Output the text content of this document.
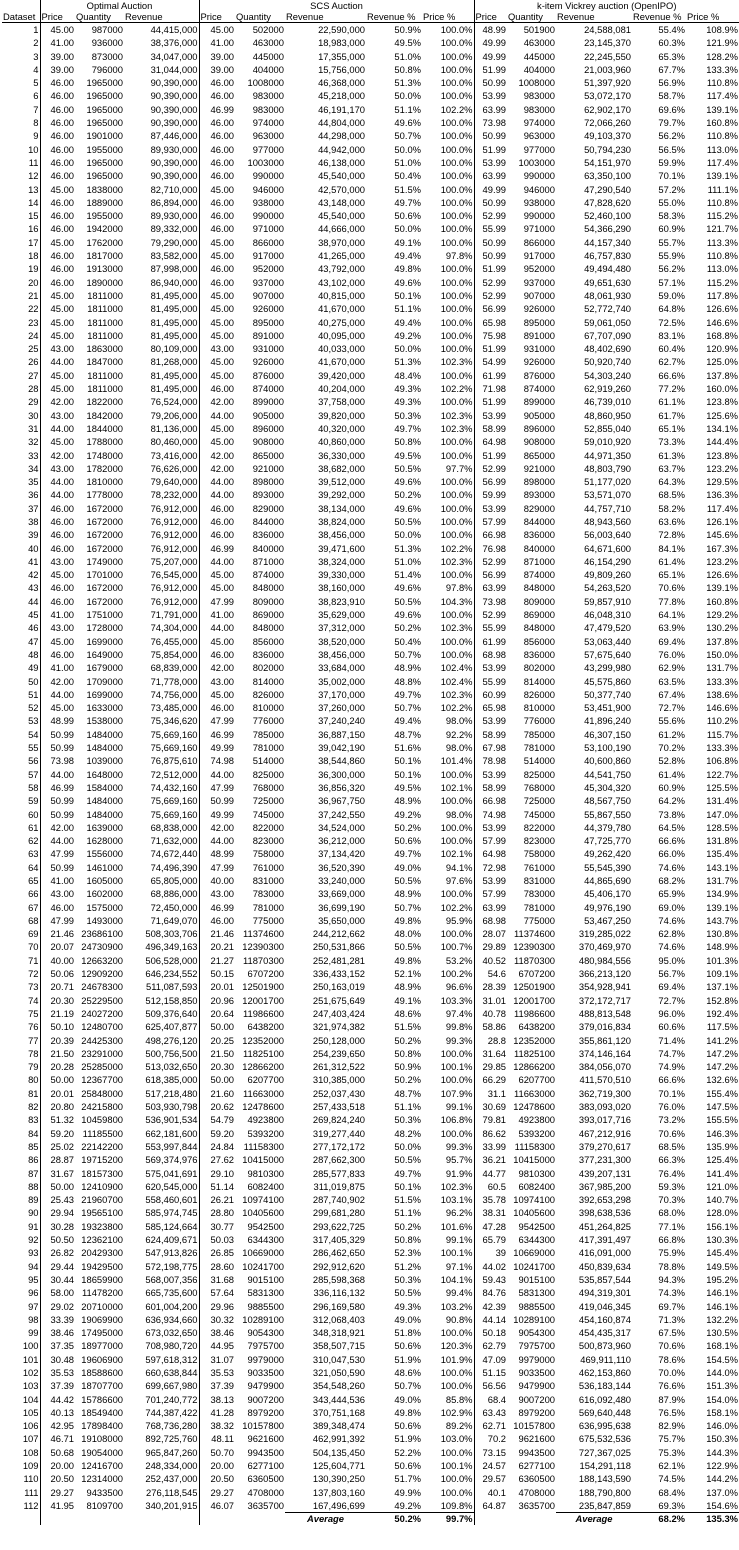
	Optimal Auction			SCS Auction					k-item Vickrey auction (OpenIPO)				
Dataset	Price	Quantity	Revenue	Price	Quantity	Revenue	Revenue %	Price %	Price	Quantity	Revenue	Revenue %	Price %
1	45.00	987000	44,415,000	45.00	502000	22,590,000	50.9%	100.0%	48.99	501900	24,588,081	55.4%	108.9%
2	41.00	936000	38,376,000	41.00	463000	18,983,000	49.5%	100.0%	49.99	463000	23,145,370	60.3%	121.9%
3	39.00	873000	34,047,000	39.00	445000	17,355,000	51.0%	100.0%	49.99	445000	22,245,550	65.3%	128.2%
4	39.00	796000	31,044,000	39.00	404000	15,756,000	50.8%	100.0%	51.99	404000	21,003,960	67.7%	133.3%
5	46.00	1965000	90,390,000	46.00	1008000	46,368,000	51.3%	100.0%	50.99	1008000	51,397,920	56.9%	110.8%
6	46.00	1965000	90,390,000	46.00	983000	45,218,000	50.0%	100.0%	53.99	983000	53,072,170	58.7%	117.4%
7	46.00	1965000	90,390,000	46.99	983000	46,191,170	51.1%	102.2%	63.99	983000	62,902,170	69.6%	139.1%
8	46.00	1965000	90,390,000	46.00	974000	44,804,000	49.6%	100.0%	73.98	974000	72,066,260	79.7%	160.8%
9	46.00	1901000	87,446,000	46.00	963000	44,298,000	50.7%	100.0%	50.99	963000	49,103,370	56.2%	110.8%
10	46.00	1955000	89,930,000	46.00	977000	44,942,000	50.0%	100.0%	51.99	977000	50,794,230	56.5%	113.0%
11	46.00	1965000	90,390,000	46.00	1003000	46,138,000	51.0%	100.0%	53.99	1003000	54,151,970	59.9%	117.4%
12	46.00	1965000	90,390,000	46.00	990000	45,540,000	50.4%	100.0%	63.99	990000	63,350,100	70.1%	139.1%
13	45.00	1838000	82,710,000	45.00	946000	42,570,000	51.5%	100.0%	49.99	946000	47,290,540	57.2%	111.1%
14	46.00	1889000	86,894,000	46.00	938000	43,148,000	49.7%	100.0%	50.99	938000	47,828,620	55.0%	110.8%
15	46.00	1955000	89,930,000	46.00	990000	45,540,000	50.6%	100.0%	52.99	990000	52,460,100	58.3%	115.2%
16	46.00	1942000	89,332,000	46.00	971000	44,666,000	50.0%	100.0%	55.99	971000	54,366,290	60.9%	121.7%
17	45.00	1762000	79,290,000	45.00	866000	38,970,000	49.1%	100.0%	50.99	866000	44,157,340	55.7%	113.3%
18	46.00	1817000	83,582,000	45.00	917000	41,265,000	49.4%	97.8%	50.99	917000	46,757,830	55.9%	110.8%
19	46.00	1913000	87,998,000	46.00	952000	43,792,000	49.8%	100.0%	51.99	952000	49,494,480	56.2%	113.0%
20	46.00	1890000	86,940,000	46.00	937000	43,102,000	49.6%	100.0%	52.99	937000	49,651,630	57.1%	115.2%
21	45.00	1811000	81,495,000	45.00	907000	40,815,000	50.1%	100.0%	52.99	907000	48,061,930	59.0%	117.8%
22	45.00	1811000	81,495,000	45.00	926000	41,670,000	51.1%	100.0%	56.99	926000	52,772,740	64.8%	126.6%
23	45.00	1811000	81,495,000	45.00	895000	40,275,000	49.4%	100.0%	65.98	895000	59,061,050	72.5%	146.6%
24	45.00	1811000	81,495,000	45.00	891000	40,095,000	49.2%	100.0%	75.98	891000	67,707,090	83.1%	168.8%
25	43.00	1863000	80,109,000	43.00	931000	40,033,000	50.0%	100.0%	51.99	931000	48,402,690	60.4%	120.9%
26	44.00	1847000	81,268,000	45.00	926000	41,670,000	51.3%	102.3%	54.99	926000	50,920,740	62.7%	125.0%
27	45.00	1811000	81,495,000	45.00	876000	39,420,000	48.4%	100.0%	61.99	876000	54,303,240	66.6%	137.8%
28	45.00	1811000	81,495,000	46.00	874000	40,204,000	49.3%	102.2%	71.98	874000	62,919,260	77.2%	160.0%
29	42.00	1822000	76,524,000	42.00	899000	37,758,000	49.3%	100.0%	51.99	899000	46,739,010	61.1%	123.8%
30	43.00	1842000	79,206,000	44.00	905000	39,820,000	50.3%	102.3%	53.99	905000	48,860,950	61.7%	125.6%
31	44.00	1844000	81,136,000	45.00	896000	40,320,000	49.7%	102.3%	58.99	896000	52,855,040	65.1%	134.1%
32	45.00	1788000	80,460,000	45.00	908000	40,860,000	50.8%	100.0%	64.98	908000	59,010,920	73.3%	144.4%
33	42.00	1748000	73,416,000	42.00	865000	36,330,000	49.5%	100.0%	51.99	865000	44,971,350	61.3%	123.8%
34	43.00	1782000	76,626,000	42.00	921000	38,682,000	50.5%	97.7%	52.99	921000	48,803,790	63.7%	123.2%
35	44.00	1810000	79,640,000	44.00	898000	39,512,000	49.6%	100.0%	56.99	898000	51,177,020	64.3%	129.5%
36	44.00	1778000	78,232,000	44.00	893000	39,292,000	50.2%	100.0%	59.99	893000	53,571,070	68.5%	136.3%
37	46.00	1672000	76,912,000	46.00	829000	38,134,000	49.6%	100.0%	53.99	829000	44,757,710	58.2%	117.4%
38	46.00	1672000	76,912,000	46.00	844000	38,824,000	50.5%	100.0%	57.99	844000	48,943,560	63.6%	126.1%
39	46.00	1672000	76,912,000	46.00	836000	38,456,000	50.0%	100.0%	66.98	836000	56,003,640	72.8%	145.6%
40	46.00	1672000	76,912,000	46.99	840000	39,471,600	51.3%	102.2%	76.98	840000	64,671,600	84.1%	167.3%
41	43.00	1749000	75,207,000	44.00	871000	38,324,000	51.0%	102.3%	52.99	871000	46,154,290	61.4%	123.2%
42	45.00	1701000	76,545,000	45.00	874000	39,330,000	51.4%	100.0%	56.99	874000	49,809,260	65.1%	126.6%
43	46.00	1672000	76,912,000	45.00	848000	38,160,000	49.6%	97.8%	63.99	848000	54,263,520	70.6%	139.1%
44	46.00	1672000	76,912,000	47.99	809000	38,823,910	50.5%	104.3%	73.98	809000	59,857,910	77.8%	160.8%
45	41.00	1751000	71,791,000	41.00	869000	35,629,000	49.6%	100.0%	52.99	869000	46,048,310	64.1%	129.2%
46	43.00	1728000	74,304,000	44.00	848000	37,312,000	50.2%	102.3%	55.99	848000	47,479,520	63.9%	130.2%
47	45.00	1699000	76,455,000	45.00	856000	38,520,000	50.4%	100.0%	61.99	856000	53,063,440	69.4%	137.8%
48	46.00	1649000	75,854,000	46.00	836000	38,456,000	50.7%	100.0%	68.98	836000	57,675,640	76.0%	150.0%
49	41.00	1679000	68,839,000	42.00	802000	33,684,000	48.9%	102.4%	53.99	802000	43,299,980	62.9%	131.7%
50	42.00	1709000	71,778,000	43.00	814000	35,002,000	48.8%	102.4%	55.99	814000	45,575,860	63.5%	133.3%
51	44.00	1699000	74,756,000	45.00	826000	37,170,000	49.7%	102.3%	60.99	826000	50,377,740	67.4%	138.6%
52	45.00	1633000	73,485,000	46.00	810000	37,260,000	50.7%	102.2%	65.98	810000	53,451,900	72.7%	146.6%
53	48.99	1538000	75,346,620	47.99	776000	37,240,240	49.4%	98.0%	53.99	776000	41,896,240	55.6%	110.2%
54	50.99	1484000	75,669,160	46.99	785000	36,887,150	48.7%	92.2%	58.99	785000	46,307,150	61.2%	115.7%
55	50.99	1484000	75,669,160	49.99	781000	39,042,190	51.6%	98.0%	67.98	781000	53,100,190	70.2%	133.3%
56	73.98	1039000	76,875,610	74.98	514000	38,544,860	50.1%	101.4%	78.98	514000	40,600,860	52.8%	106.8%
57	44.00	1648000	72,512,000	44.00	825000	36,300,000	50.1%	100.0%	53.99	825000	44,541,750	61.4%	122.7%
58	46.99	1584000	74,432,160	47.99	768000	36,856,320	49.5%	102.1%	58.99	768000	45,304,320	60.9%	125.5%
59	50.99	1484000	75,669,160	50.99	725000	36,967,750	48.9%	100.0%	66.98	725000	48,567,750	64.2%	131.4%
60	50.99	1484000	75,669,160	49.99	745000	37,242,550	49.2%	98.0%	74.98	745000	55,867,550	73.8%	147.0%
61	42.00	1639000	68,838,000	42.00	822000	34,524,000	50.2%	100.0%	53.99	822000	44,379,780	64.5%	128.5%
62	44.00	1628000	71,632,000	44.00	823000	36,212,000	50.6%	100.0%	57.99	823000	47,725,770	66.6%	131.8%
63	47.99	1556000	74,672,440	48.99	758000	37,134,420	49.7%	102.1%	64.98	758000	49,262,420	66.0%	135.4%
64	50.99	1461000	74,496,390	47.99	761000	36,520,390	49.0%	94.1%	72.98	761000	55,545,390	74.6%	143.1%
65	41.00	1605000	65,805,000	40.00	831000	33,240,000	50.5%	97.6%	53.99	831000	44,865,690	68.2%	131.7%
66	43.00	1602000	68,886,000	43.00	783000	33,669,000	48.9%	100.0%	57.99	783000	45,406,170	65.9%	134.9%
67	46.00	1575000	72,450,000	46.99	781000	36,699,190	50.7%	102.2%	63.99	781000	49,976,190	69.0%	139.1%
68	47.99	1493000	71,649,070	46.00	775000	35,650,000	49.8%	95.9%	68.98	775000	53,467,250	74.6%	143.7%
69	21.46	23686100	508,303,706	21.46	11374600	244,212,662	48.0%	100.0%	28.07	11374600	319,285,022	62.8%	130.8%
70	20.07	24730900	496,349,163	20.21	12390300	250,531,866	50.5%	100.7%	29.89	12390300	370,469,970	74.6%	148.9%
71	40.00	12663200	506,528,000	21.27	11870300	252,481,281	49.8%	53.2%	40.52	11870300	480,984,556	95.0%	101.3%
72	50.06	12909200	646,234,552	50.15	6707200	336,433,152	52.1%	100.2%	54.6	6707200	366,213,120	56.7%	109.1%
73	20.71	24678300	511,087,593	20.01	12501900	250,163,019	48.9%	96.6%	28.39	12501900	354,928,941	69.4%	137.1%
74	20.30	25229500	512,158,850	20.96	12001700	251,675,649	49.1%	103.3%	31.01	12001700	372,172,717	72.7%	152.8%
75	21.19	24027200	509,376,640	20.64	11986600	247,403,424	48.6%	97.4%	40.78	11986600	488,813,548	96.0%	192.4%
76	50.10	12480700	625,407,877	50.00	6438200	321,974,382	51.5%	99.8%	58.86	6438200	379,016,834	60.6%	117.5%
77	20.39	24425300	498,276,120	20.25	12352000	250,128,000	50.2%	99.3%	28.8	12352000	355,861,120	71.4%	141.2%
78	21.50	23291000	500,756,500	21.50	11825100	254,239,650	50.8%	100.0%	31.64	11825100	374,146,164	74.7%	147.2%
79	20.28	25285000	513,032,650	20.30	12866200	261,312,522	50.9%	100.1%	29.85	12866200	384,056,070	74.9%	147.2%
80	50.00	12367700	618,385,000	50.00	6207700	310,385,000	50.2%	100.0%	66.29	6207700	411,570,510	66.6%	132.6%
81	20.01	25848000	517,218,480	21.60	11663000	252,037,430	48.7%	107.9%	31.1	11663000	362,719,300	70.1%	155.4%
82	20.80	24215800	503,930,798	20.62	12478600	257,433,518	51.1%	99.1%	30.69	12478600	383,093,020	76.0%	147.5%
83	51.32	10459800	536,901,534	54.79	4923800	269,824,240	50.3%	106.8%	79.81	4923800	393,017,716	73.2%	155.5%
84	59.20	11185500	662,181,600	59.20	5393200	319,277,440	48.2%	100.0%	86.62	5393200	467,212,916	70.6%	146.3%
85	25.02	22142200	553,997,844	24.84	11158300	277,172,172	50.0%	99.3%	33.99	11158300	379,270,617	68.5%	135.9%
86	28.87	19715200	569,374,976	27.62	10415000	287,662,300	50.5%	95.7%	36.21	10415000	377,231,300	66.3%	125.4%
87	31.67	18157300	575,041,691	29.10	9810300	285,577,833	49.7%	91.9%	44.77	9810300	439,207,131	76.4%	141.4%
88	50.00	12410900	620,545,000	51.14	6082400	311,019,875	50.1%	102.3%	60.5	6082400	367,985,200	59.3%	121.0%
89	25.43	21960700	558,460,601	26.21	10974100	287,740,902	51.5%	103.1%	35.78	10974100	392,653,298	70.3%	140.7%
90	29.94	19565100	585,974,745	28.80	10405600	299,681,280	51.1%	96.2%	38.31	10405600	398,638,536	68.0%	128.0%
91	30.28	19323800	585,124,664	30.77	9542500	293,622,725	50.2%	101.6%	47.28	9542500	451,264,825	77.1%	156.1%
92	50.50	12362100	624,409,671	50.03	6344300	317,405,329	50.8%	99.1%	65.79	6344300	417,391,497	66.8%	130.3%
93	26.82	20429300	547,913,826	26.85	10669000	286,462,650	52.3%	100.1%	39	10669000	416,091,000	75.9%	145.4%
94	29.44	19429500	572,198,775	28.60	10241700	292,912,620	51.2%	97.1%	44.02	10241700	450,839,634	78.8%	149.5%
95	30.44	18659900	568,007,356	31.68	9015100	285,598,368	50.3%	104.1%	59.43	9015100	535,857,544	94.3%	195.2%
96	58.00	11478200	665,735,600	57.64	5831300	336,116,132	50.5%	99.4%	84.76	5831300	494,319,301	74.3%	146.1%
97	29.02	20710000	601,004,200	29.96	9885500	296,169,580	49.3%	103.2%	42.39	9885500	419,046,345	69.7%	146.1%
98	33.39	19069900	636,934,660	30.32	10289100	312,068,403	49.0%	90.8%	44.14	10289100	454,160,874	71.3%	132.2%
99	38.46	17495000	673,032,650	38.46	9054300	348,318,921	51.8%	100.0%	50.18	9054300	454,435,317	67.5%	130.5%
100	37.35	18977000	708,980,720	44.95	7975700	358,507,715	50.6%	120.3%	62.79	7975700	500,873,960	70.6%	168.1%
101	30.48	19606900	597,618,312	31.07	9979000	310,047,530	51.9%	101.9%	47.09	9979000	469,911,110	78.6%	154.5%
102	35.53	18588600	660,638,844	35.53	9033500	321,050,590	48.6%	100.0%	51.15	9033500	462,153,860	70.0%	144.0%
103	37.39	18707700	699,667,980	37.39	9479900	354,548,260	50.7%	100.0%	56.56	9479900	536,183,144	76.6%	151.3%
104	44.42	15786600	701,240,772	38.13	9007200	343,444,536	49.0%	85.8%	68.4	9007200	616,092,480	87.9%	154.0%
105	40.13	18549400	744,387,422	41.28	8979200	370,751,168	49.8%	102.9%	63.43	8979200	569,640,448	76.5%	158.1%
106	42.95	17898400	768,736,280	38.32	10157800	389,348,474	50.6%	89.2%	62.71	10157800	636,995,638	82.9%	146.0%
107	46.71	19108000	892,725,760	48.11	9621600	462,991,392	51.9%	103.0%	70.2	9621600	675,532,536	75.7%	150.3%
108	50.68	19054000	965,847,260	50.70	9943500	504,135,450	52.2%	100.0%	73.15	9943500	727,367,025	75.3%	144.3%
109	20.00	12416700	248,334,000	20.00	6277100	125,604,771	50.6%	100.1%	24.57	6277100	154,291,118	62.1%	122.9%
110	20.50	12314000	252,437,000	20.50	6360500	130,390,250	51.7%	100.0%	29.57	6360500	188,143,590	74.5%	144.2%
111	29.27	9433500	276,118,545	29.27	4708000	137,803,160	49.9%	100.0%	40.1	4708000	188,790,800	68.4%	137.0%
112	41.95	8109700	340,201,915	46.07	3635700	167,496,699	49.2%	109.8%	64.87	3635700	235,847,859	69.3%	154.6%
						Average	50.2%	99.7%			Average	68.2%	135.3%
